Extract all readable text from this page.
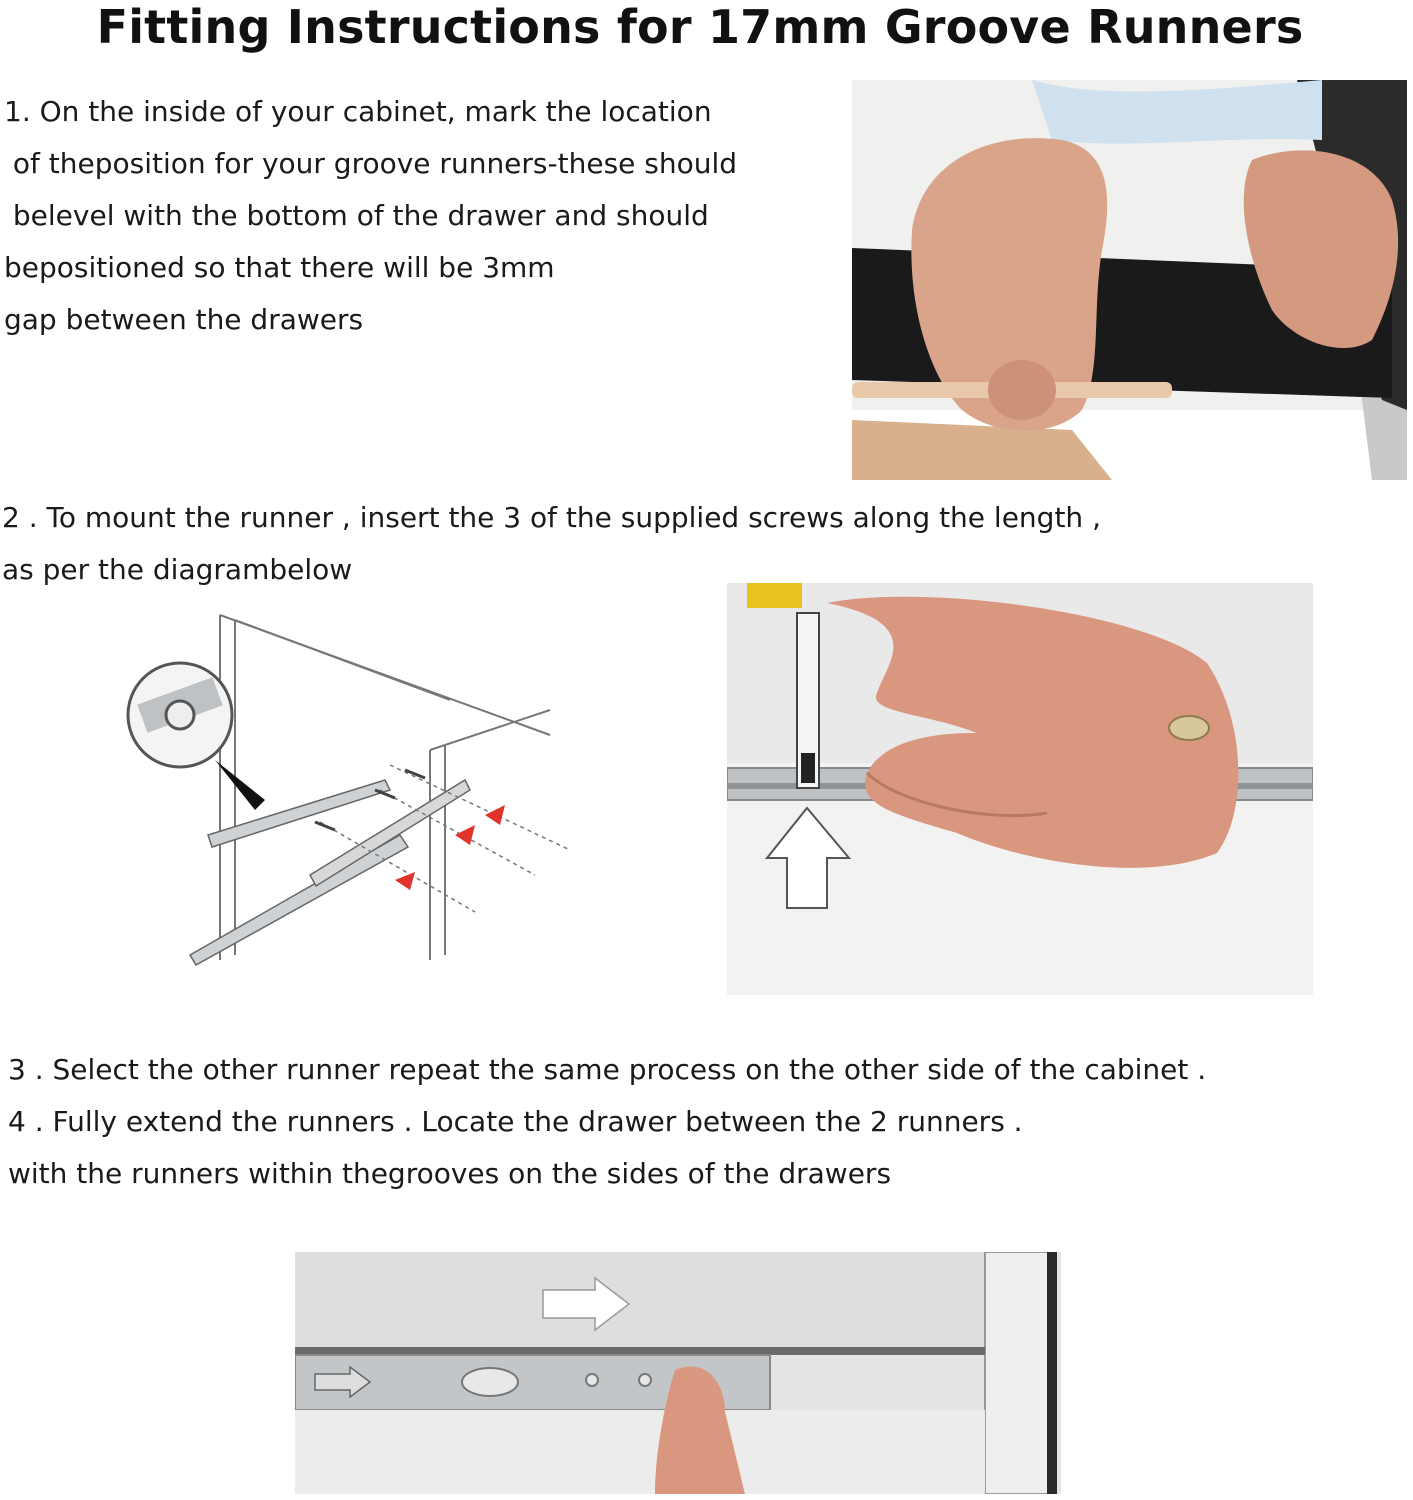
Fitting Instructions for 17mm Groove Runners
1. On the inside of your cabinet, mark the location
of theposition for your groove runners-these should
belevel with the bottom of the drawer and should
bepositioned so that there will be 3mm
gap between the drawers
2 . To mount the runner , insert the 3 of the supplied screws along the length ,
as per the diagrambelow
3 . Select the other runner repeat the same process on the other side of the cabinet .
4 . Fully extend the runners . Locate the drawer between the 2 runners .
with the runners within thegrooves on the sides of the drawers
